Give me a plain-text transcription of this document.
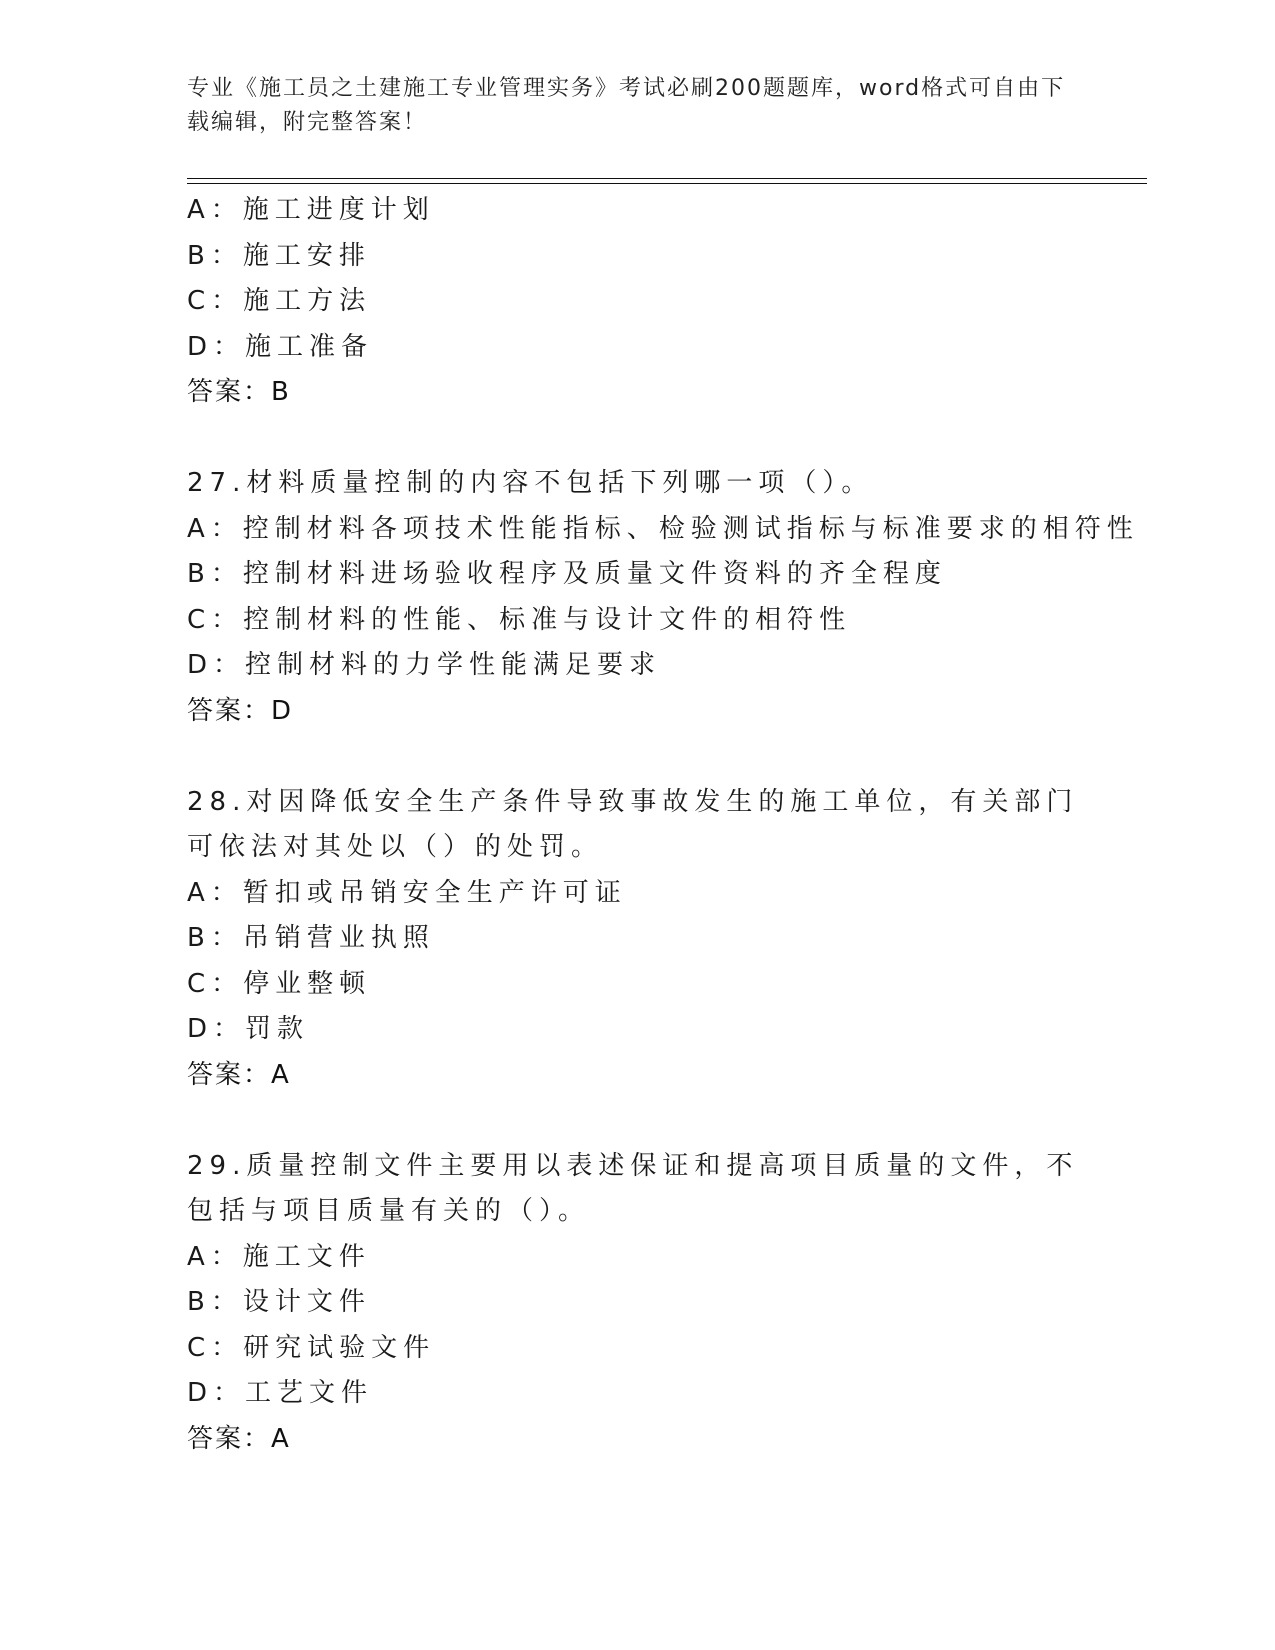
专业《施工员之土建施工专业管理实务》考试必刷200题题库，word格式可自由下载编辑，附完整答案！
A：施工进度计划
B：施工安排
C：施工方法
D：施工准备
答案：B
27.材料质量控制的内容不包括下列哪一项（）。
A：控制材料各项技术性能指标、检验测试指标与标准要求的相符性
B：控制材料进场验收程序及质量文件资料的齐全程度
C：控制材料的性能、标准与设计文件的相符性
D：控制材料的力学性能满足要求
答案：D
28.对因降低安全生产条件导致事故发生的施工单位，有关部门可依法对其处以（）的处罚。
A：暂扣或吊销安全生产许可证
B：吊销营业执照
C：停业整顿
D：罚款
答案：A
29.质量控制文件主要用以表述保证和提高项目质量的文件，不包括与项目质量有关的（）。
A：施工文件
B：设计文件
C：研究试验文件
D：工艺文件
答案：A
